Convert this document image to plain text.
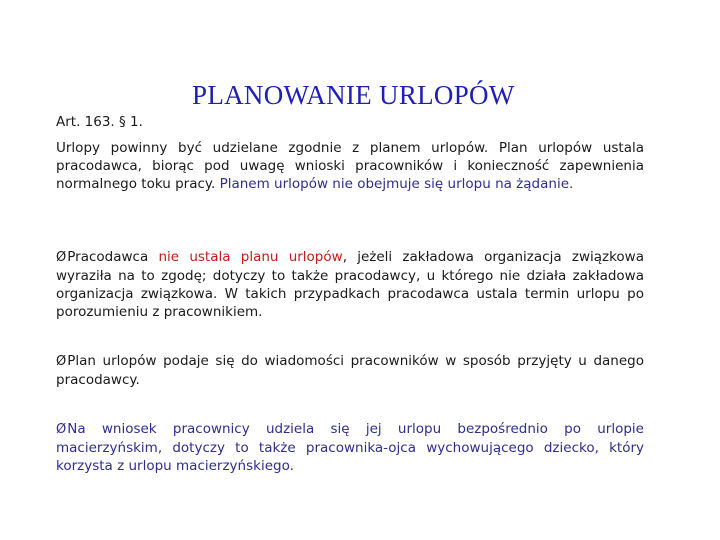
PLANOWANIE URLOPÓW
Art. 163. § 1.

Urlopy powinny być udzielane zgodnie z planem urlopów. Plan urlopów ustala pracodawca, biorąc pod uwagę wnioski pracowników i konieczność zapewnienia normalnego toku pracy. Planem urlopów nie obejmuje się urlopu na żądanie.

ØPracodawca nie ustala planu urlopów, jeżeli zakładowa organizacja związkowa wyraziła na to zgodę; dotyczy to także pracodawcy, u którego nie działa zakładowa organizacja związkowa. W takich przypadkach pracodawca ustala termin urlopu po porozumieniu z pracownikiem.

ØPlan urlopów podaje się do wiadomości pracowników w sposób przyjęty u danego pracodawcy.

ØNa wniosek pracownicy udziela się jej urlopu bezpośrednio po urlopie macierzyńskim, dotyczy to także pracownika-ojca wychowującego dziecko, który korzysta z urlopu macierzyńskiego.
